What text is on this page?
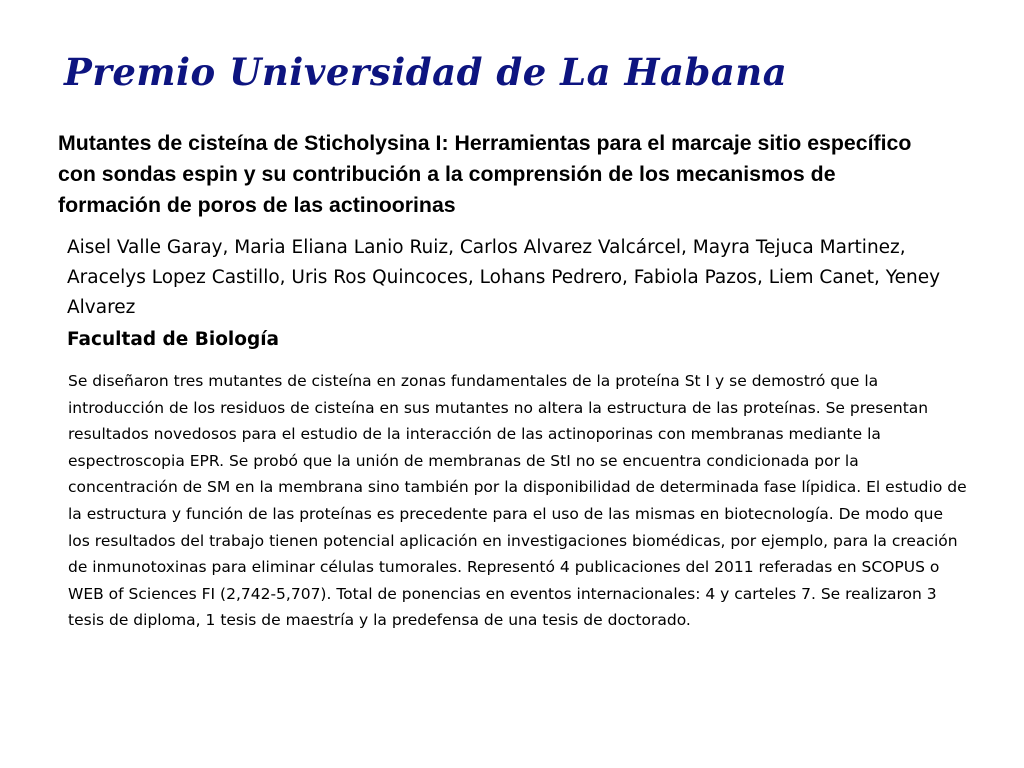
Premio Universidad de La Habana
Mutantes de cisteína de Sticholysina I: Herramientas para el marcaje sitio específico con sondas espin y su contribución a la comprensión de los mecanismos de formación de poros de las actinoorinas

Aisel Valle Garay, Maria Eliana Lanio Ruiz, Carlos Alvarez Valcárcel, Mayra Tejuca Martinez, Aracelys Lopez Castillo, Uris Ros Quincoces, Lohans Pedrero, Fabiola Pazos, Liem Canet, Yeney Alvarez

Facultad de Biología

Se diseñaron tres mutantes de cisteína en zonas fundamentales de la proteína St I y se demostró que la introducción de los residuos de cisteína en sus mutantes no altera la estructura de las proteínas. Se presentan resultados novedosos para el estudio de la interacción de las actinoporinas con membranas mediante la espectroscopia EPR. Se probó que la unión de membranas de StI no se encuentra condicionada por la concentración de SM en la membrana sino también por la disponibilidad de determinada fase lípidica. El estudio de la estructura y función de las proteínas es precedente para el uso de las mismas en biotecnología. De modo que los resultados del trabajo tienen potencial aplicación en investigaciones biomédicas, por ejemplo, para la creación de inmunotoxinas para eliminar células tumorales. Representó 4 publicaciones del 2011 referadas en SCOPUS o WEB of Sciences FI (2,742-5,707). Total de ponencias en eventos internacionales: 4 y carteles 7. Se realizaron 3 tesis de diploma, 1 tesis de maestría y la predefensa de una tesis de doctorado.
